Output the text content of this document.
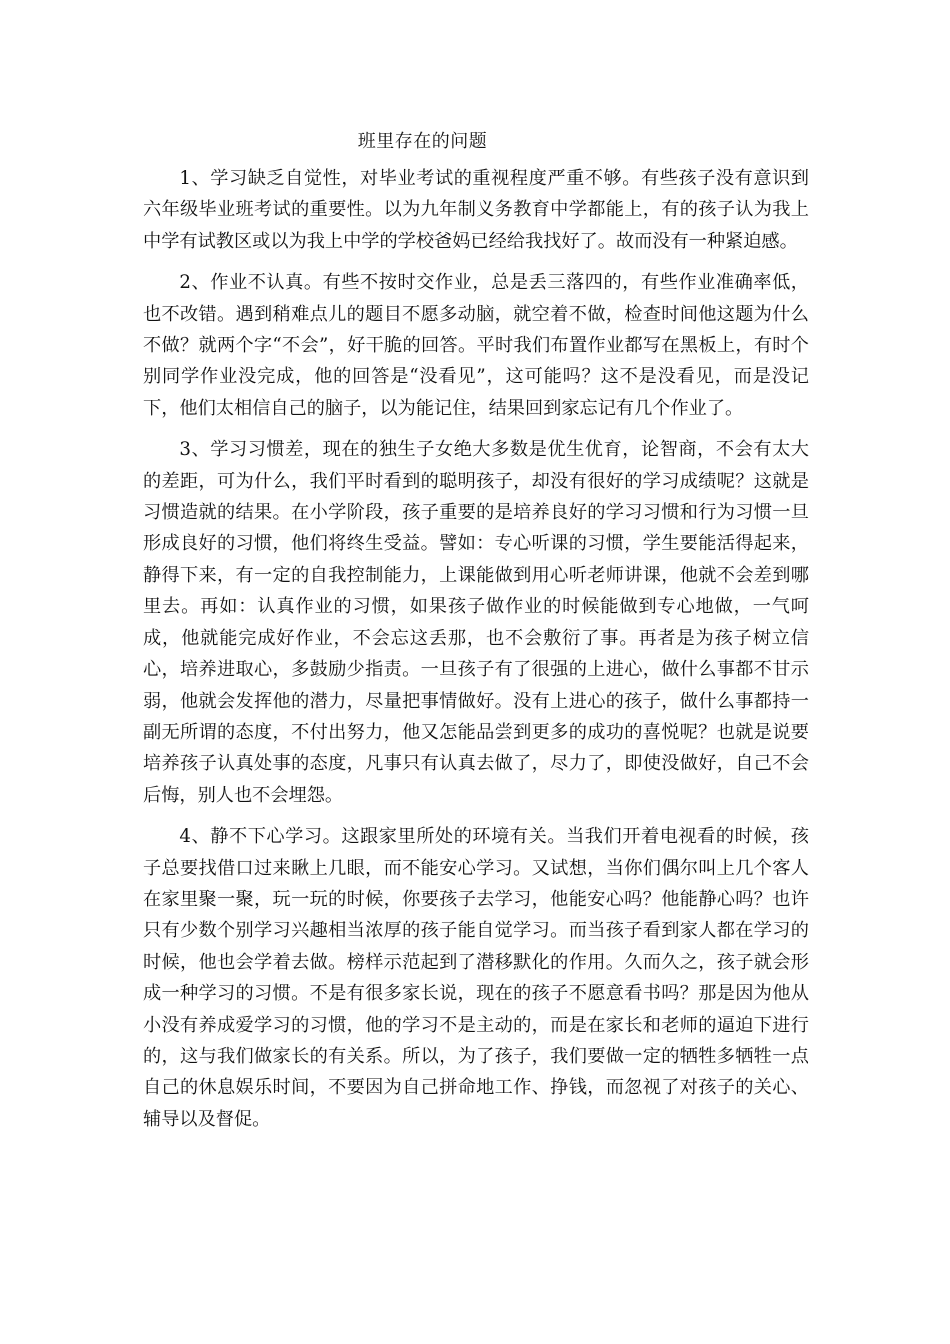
班里存在的问题

1、学习缺乏自觉性，对毕业考试的重视程度严重不够。有些孩子没有意识到六年级毕业班考试的重要性。以为九年制义务教育中学都能上，有的孩子认为我上中学有试教区或以为我上中学的学校爸妈已经给我找好了。故而没有一种紧迫感。

2、作业不认真。有些不按时交作业，总是丢三落四的，有些作业准确率低，也不改错。遇到稍难点儿的题目不愿多动脑，就空着不做，检查时间他这题为什么不做？就两个字“不会”，好干脆的回答。平时我们布置作业都写在黑板上，有时个别同学作业没完成，他的回答是“没看见”，这可能吗？这不是没看见，而是没记下，他们太相信自己的脑子，以为能记住，结果回到家忘记有几个作业了。

3、学习习惯差，现在的独生子女绝大多数是优生优育，论智商，不会有太大的差距，可为什么，我们平时看到的聪明孩子，却没有很好的学习成绩呢？这就是习惯造就的结果。在小学阶段，孩子重要的是培养良好的学习习惯和行为习惯一旦形成良好的习惯，他们将终生受益。譬如：专心听课的习惯，学生要能活得起来，静得下来，有一定的自我控制能力，上课能做到用心听老师讲课，他就不会差到哪里去。再如：认真作业的习惯，如果孩子做作业的时候能做到专心地做，一气呵成，他就能完成好作业，不会忘这丢那，也不会敷衍了事。再者是为孩子树立信心，培养进取心，多鼓励少指责。一旦孩子有了很强的上进心，做什么事都不甘示弱，他就会发挥他的潜力，尽量把事情做好。没有上进心的孩子，做什么事都持一副无所谓的态度，不付出努力，他又怎能品尝到更多的成功的喜悦呢？也就是说要培养孩子认真处事的态度，凡事只有认真去做了，尽力了，即使没做好，自己不会后悔，别人也不会埋怨。

4、静不下心学习。这跟家里所处的环境有关。当我们开着电视看的时候，孩子总要找借口过来瞅上几眼，而不能安心学习。又试想，当你们偶尔叫上几个客人在家里聚一聚，玩一玩的时候，你要孩子去学习，他能安心吗？他能静心吗？也许只有少数个别学习兴趣相当浓厚的孩子能自觉学习。而当孩子看到家人都在学习的时候，他也会学着去做。榜样示范起到了潜移默化的作用。久而久之，孩子就会形成一种学习的习惯。不是有很多家长说，现在的孩子不愿意看书吗？那是因为他从小没有养成爱学习的习惯，他的学习不是主动的，而是在家长和老师的逼迫下进行的，这与我们做家长的有关系。所以，为了孩子，我们要做一定的牺牲多牺牲一点自己的休息娱乐时间，不要因为自己拼命地工作、挣钱，而忽视了对孩子的关心、辅导以及督促。
